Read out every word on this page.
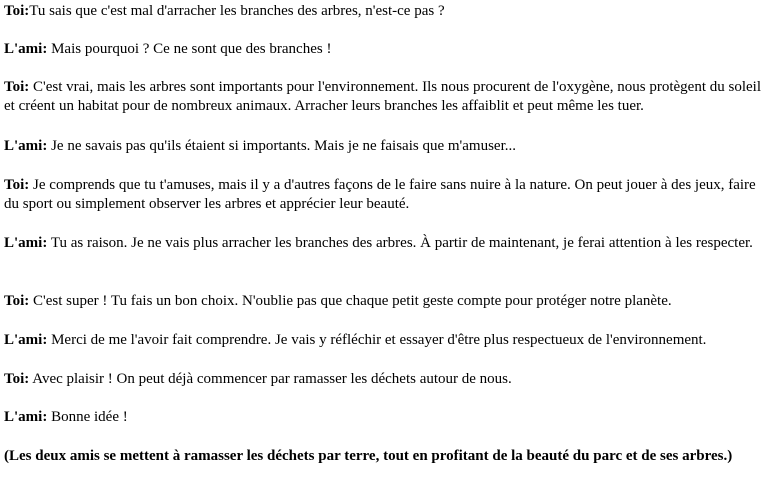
Toi:Tu sais que c'est mal d'arracher les branches des arbres, n'est-ce pas ?

L'ami: Mais pourquoi ? Ce ne sont que des branches !

Toi: C'est vrai, mais les arbres sont importants pour l'environnement. Ils nous procurent de l'oxygène, nous protègent du soleil et créent un habitat pour de nombreux animaux. Arracher leurs branches les affaiblit et peut même les tuer.

L'ami: Je ne savais pas qu'ils étaient si importants. Mais je ne faisais que m'amuser...

Toi: Je comprends que tu t'amuses, mais il y a d'autres façons de le faire sans nuire à la nature. On peut jouer à des jeux, faire du sport ou simplement observer les arbres et apprécier leur beauté.

L'ami: Tu as raison. Je ne vais plus arracher les branches des arbres. À partir de maintenant, je ferai attention à les respecter.

Toi: C'est super ! Tu fais un bon choix. N'oublie pas que chaque petit geste compte pour protéger notre planète.

L'ami: Merci de me l'avoir fait comprendre. Je vais y réfléchir et essayer d'être plus respectueux de l'environnement.

Toi: Avec plaisir ! On peut déjà commencer par ramasser les déchets autour de nous.

L'ami: Bonne idée !

(Les deux amis se mettent à ramasser les déchets par terre, tout en profitant de la beauté du parc et de ses arbres.)
